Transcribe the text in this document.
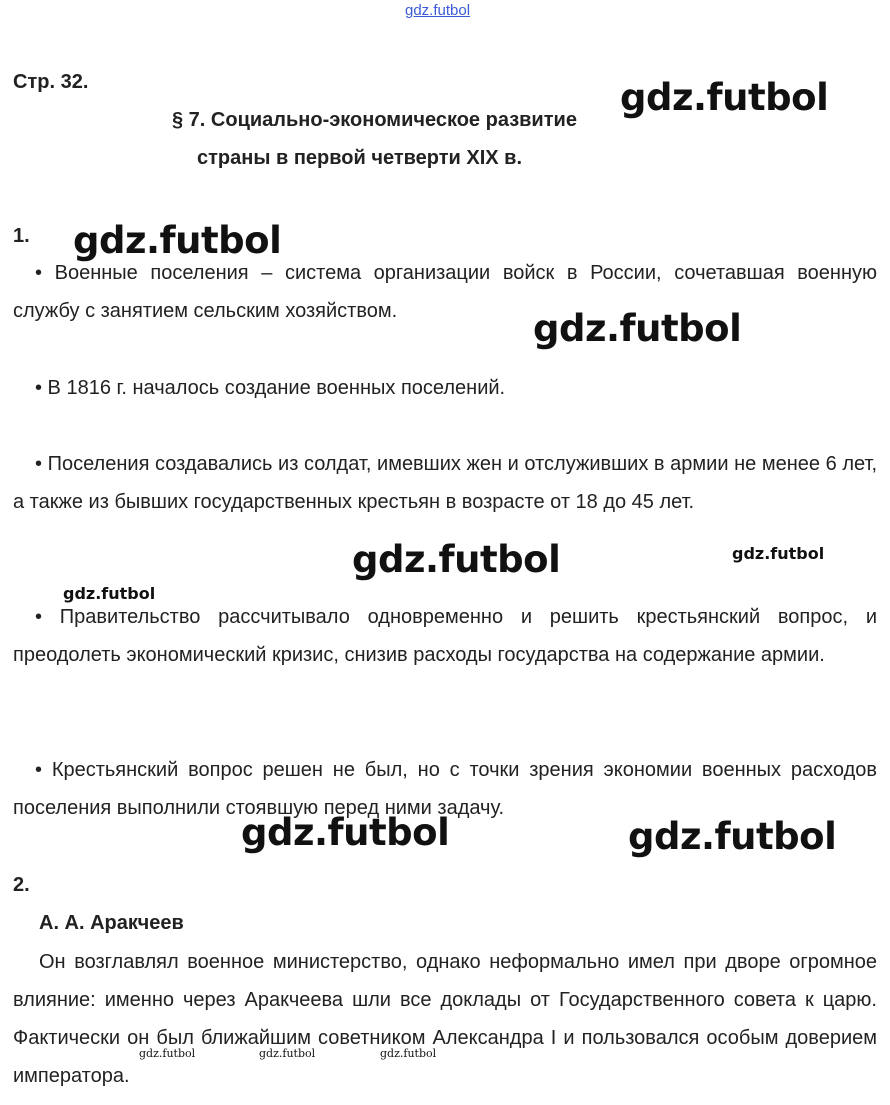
gdz.futbol
Стр. 32.
§ 7. Социально-экономическое развитие
страны в первой четверти XIX в.
1.
• Военные поселения – система организации войск в России, сочетавшая военную службу с занятием сельским хозяйством.
• В 1816 г. началось создание военных поселений.
• Поселения создавались из солдат, имевших жен и отслуживших в армии не менее 6 лет, а также из бывших государственных крестьян в возрасте от 18 до 45 лет.
• Правительство рассчитывало одновременно и решить крестьянский вопрос, и преодолеть экономический кризис, снизив расходы государства на содержание армии.
• Крестьянский вопрос решен не был, но с точки зрения экономии военных расходов поселения выполнили стоявшую перед ними задачу.
2.
А. А. Аракчеев
Он возглавлял военное министерство, однако неформально имел при дворе огромное влияние: именно через Аракчеева шли все доклады от Государственного совета к царю. Фактически он был ближайшим советником Александра I и пользовался особым доверием императора.
gdz.futbol
gdz.futbol
gdz.futbol
gdz.futbol	gdz.futbol
gdz.futbol
gdz.futbol	gdz.futbol
gdz.futbol	gdz.futbol	gdz.futbol
